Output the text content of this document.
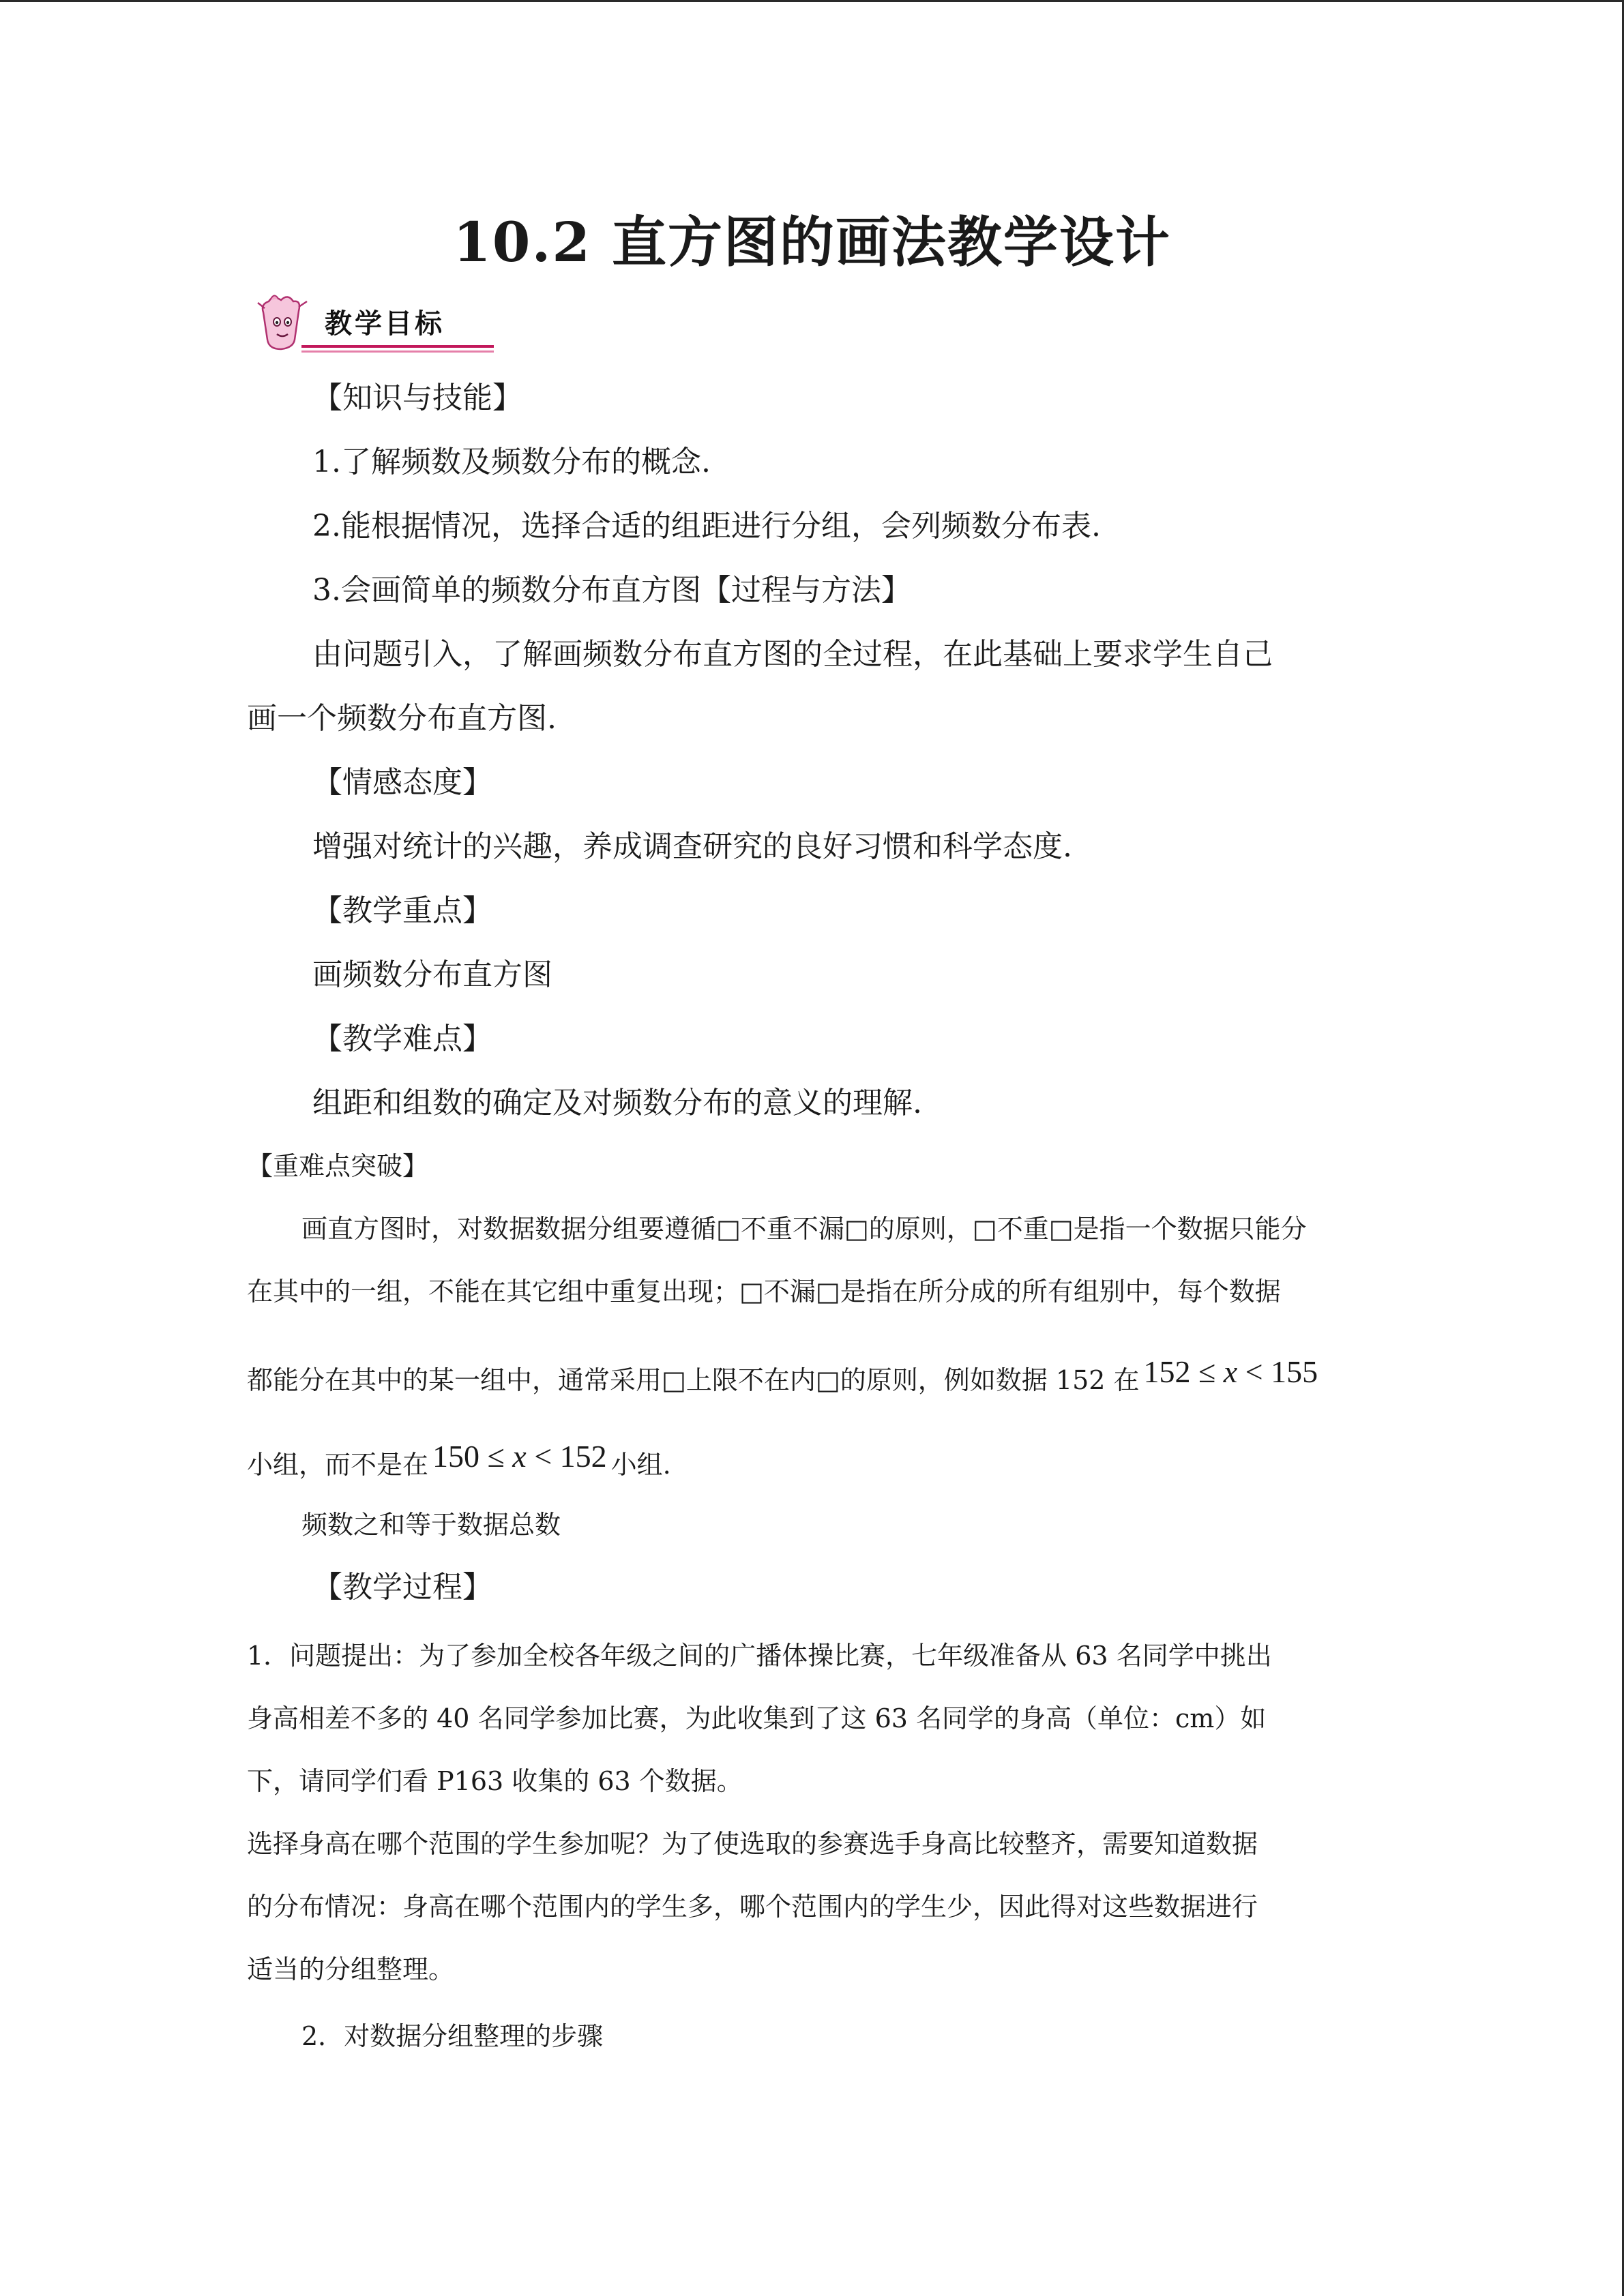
10.2 直方图的画法教学设计
教学目标
【知识与技能】
1.了解频数及频数分布的概念.
2.能根据情况，选择合适的组距进行分组，会列频数分布表.
3.会画简单的频数分布直方图【过程与方法】
由问题引入，了解画频数分布直方图的全过程，在此基础上要求学生自己
画一个频数分布直方图.
【情感态度】
增强对统计的兴趣，养成调查研究的良好习惯和科学态度.
【教学重点】
画频数分布直方图
【教学难点】
组距和组数的确定及对频数分布的意义的理解.
【重难点突破】
画直方图时，对数据数据分组要遵循□不重不漏□的原则，□不重□是指一个数据只能分
在其中的一组，不能在其它组中重复出现；□不漏□是指在所分成的所有组别中，每个数据
都能分在其中的某一组中，通常采用□上限不在内□的原则，例如数据 152 在 152 ≤ x < 155
小组，而不是在 150 ≤ x < 152 小组.
频数之和等于数据总数
【教学过程】
1．问题提出：为了参加全校各年级之间的广播体操比赛，七年级准备从 63 名同学中挑出
身高相差不多的 40 名同学参加比赛，为此收集到了这 63 名同学的身高（单位：cm）如
下，请同学们看 P163 收集的 63 个数据。
选择身高在哪个范围的学生参加呢？为了使选取的参赛选手身高比较整齐，需要知道数据
的分布情况：身高在哪个范围内的学生多，哪个范围内的学生少，因此得对这些数据进行
适当的分组整理。
2．对数据分组整理的步骤
